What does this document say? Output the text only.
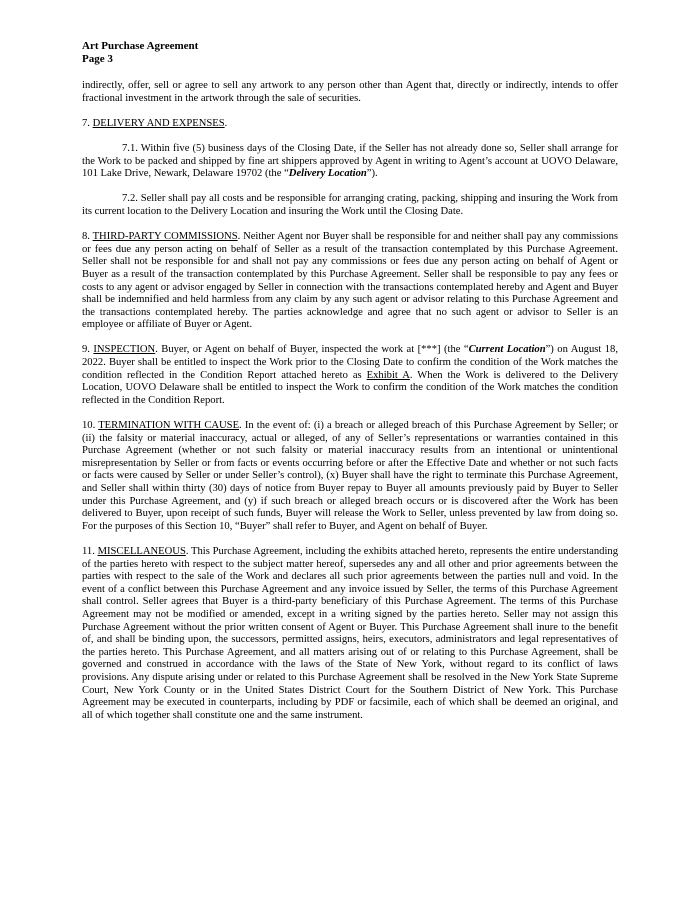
Art Purchase Agreement
Page 3

indirectly, offer, sell or agree to sell any artwork to any person other than Agent that, directly or indirectly, intends to offer fractional investment in the artwork through the sale of securities.

7. DELIVERY AND EXPENSES.

7.1. Within five (5) business days of the Closing Date, if the Seller has not already done so, Seller shall arrange for the Work to be packed and shipped by fine art shippers approved by Agent in writing to Agent’s account at UOVO Delaware, 101 Lake Drive, Newark, Delaware 19702 (the “Delivery Location”).

7.2. Seller shall pay all costs and be responsible for arranging crating, packing, shipping and insuring the Work from its current location to the Delivery Location and insuring the Work until the Closing Date.

8. THIRD-PARTY COMMISSIONS. Neither Agent nor Buyer shall be responsible for and neither shall pay any commissions or fees due any person acting on behalf of Seller as a result of the transaction contemplated by this Purchase Agreement. Seller shall not be responsible for and shall not pay any commissions or fees due any person acting on behalf of Agent or Buyer as a result of the transaction contemplated by this Purchase Agreement. Seller shall be responsible to pay any fees or costs to any agent or advisor engaged by Seller in connection with the transactions contemplated hereby and Agent and Buyer shall be indemnified and held harmless from any claim by any such agent or advisor relating to this Purchase Agreement and the transactions contemplated hereby. The parties acknowledge and agree that no such agent or advisor to Seller is an employee or affiliate of Buyer or Agent.

9. INSPECTION. Buyer, or Agent on behalf of Buyer, inspected the work at [***] (the “Current Location”) on August 18, 2022. Buyer shall be entitled to inspect the Work prior to the Closing Date to confirm the condition of the Work matches the condition reflected in the Condition Report attached hereto as Exhibit A. When the Work is delivered to the Delivery Location, UOVO Delaware shall be entitled to inspect the Work to confirm the condition of the Work matches the condition reflected in the Condition Report.

10. TERMINATION WITH CAUSE. In the event of: (i) a breach or alleged breach of this Purchase Agreement by Seller; or (ii) the falsity or material inaccuracy, actual or alleged, of any of Seller’s representations or warranties contained in this Purchase Agreement (whether or not such falsity or material inaccuracy results from an intentional or unintentional misrepresentation by Seller or from facts or events occurring before or after the Effective Date and whether or not such facts or facts were caused by Seller or under Seller’s control), (x) Buyer shall have the right to terminate this Purchase Agreement, and Seller shall within thirty (30) days of notice from Buyer repay to Buyer all amounts previously paid by Buyer to Seller under this Purchase Agreement, and (y) if such breach or alleged breach occurs or is discovered after the Work has been delivered to Buyer, upon receipt of such funds, Buyer will release the Work to Seller, unless prevented by law from doing so. For the purposes of this Section 10, “Buyer” shall refer to Buyer, and Agent on behalf of Buyer.

11. MISCELLANEOUS. This Purchase Agreement, including the exhibits attached hereto, represents the entire understanding of the parties hereto with respect to the subject matter hereof, supersedes any and all other and prior agreements between the parties with respect to the sale of the Work and declares all such prior agreements between the parties null and void. In the event of a conflict between this Purchase Agreement and any invoice issued by Seller, the terms of this Purchase Agreement shall control. Seller agrees that Buyer is a third-party beneficiary of this Purchase Agreement. The terms of this Purchase Agreement may not be modified or amended, except in a writing signed by the parties hereto. Seller may not assign this Purchase Agreement without the prior written consent of Agent or Buyer. This Purchase Agreement shall inure to the benefit of, and shall be binding upon, the successors, permitted assigns, heirs, executors, administrators and legal representatives of the parties hereto. This Purchase Agreement, and all matters arising out of or relating to this Purchase Agreement, shall be governed and construed in accordance with the laws of the State of New York, without regard to its conflict of laws provisions. Any dispute arising under or related to this Purchase Agreement shall be resolved in the New York State Supreme Court, New York County or in the United States District Court for the Southern District of New York. This Purchase Agreement may be executed in counterparts, including by PDF or facsimile, each of which shall be deemed an original, and all of which together shall constitute one and the same instrument.
